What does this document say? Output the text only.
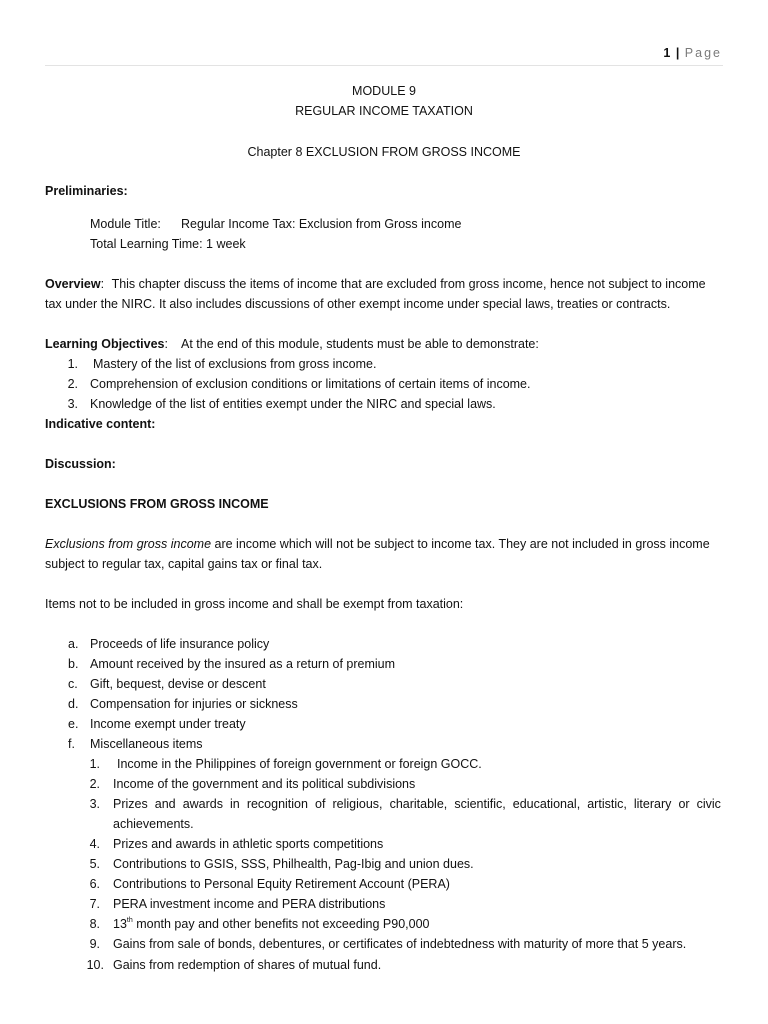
1 | Page
MODULE 9
REGULAR INCOME TAXATION
Chapter 8 EXCLUSION FROM GROSS INCOME
Preliminaries:
Module Title: Regular Income Tax: Exclusion from Gross income
Total Learning Time: 1 week
Overview: This chapter discuss the items of income that are excluded from gross income, hence not subject to income
tax under the NIRC. It also includes discussions of other exempt income under special laws, treaties or contracts.
Learning Objectives: At the end of this module, students must be able to demonstrate:
1. Mastery of the list of exclusions from gross income.
2. Comprehension of exclusion conditions or limitations of certain items of income.
3. Knowledge of the list of entities exempt under the NIRC and special laws.
Indicative content:
Discussion:
EXCLUSIONS FROM GROSS INCOME
Exclusions from gross income are income which will not be subject to income tax. They are not included in gross income
subject to regular tax, capital gains tax or final tax.
Items not to be included in gross income and shall be exempt from taxation:
a. Proceeds of life insurance policy
b. Amount received by the insured as a return of premium
c. Gift, bequest, devise or descent
d. Compensation for injuries or sickness
e. Income exempt under treaty
f. Miscellaneous items
1. Income in the Philippines of foreign government or foreign GOCC.
2. Income of the government and its political subdivisions
3. Prizes and awards in recognition of religious, charitable, scientific, educational, artistic, literary or civic
achievements.
4. Prizes and awards in athletic sports competitions
5. Contributions to GSIS, SSS, Philhealth, Pag-Ibig and union dues.
6. Contributions to Personal Equity Retirement Account (PERA)
7. PERA investment income and PERA distributions
8. 13th month pay and other benefits not exceeding P90,000
9. Gains from sale of bonds, debentures, or certificates of indebtedness with maturity of more that 5 years.
10. Gains from redemption of shares of mutual fund.
